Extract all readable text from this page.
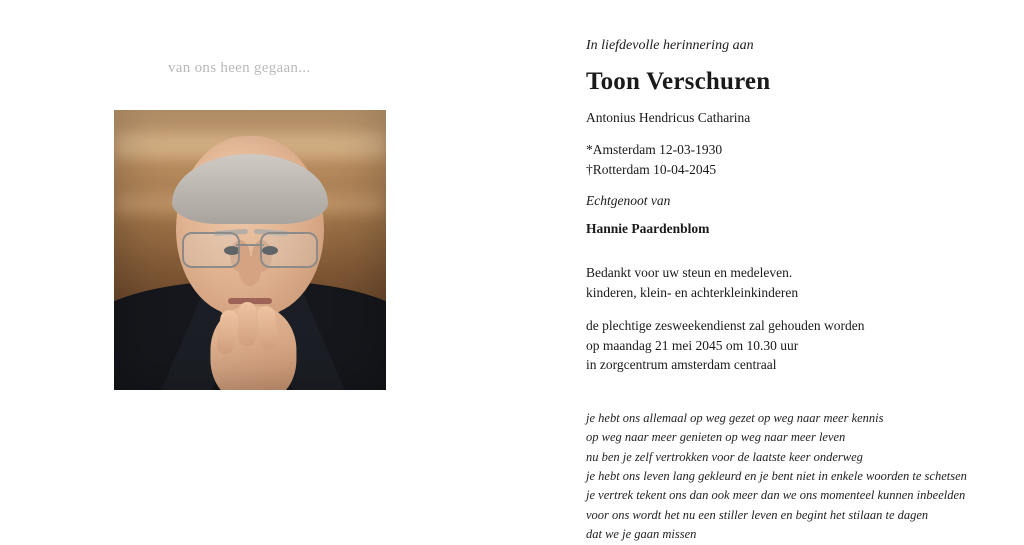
van ons heen gegaan...
In liefdevolle herinnering aan
Toon Verschuren
Antonius Hendricus Catharina
*Amsterdam 12-03-1930
†Rotterdam 10-04-2045
Echtgenoot van
Hannie Paardenblom
Bedankt voor uw steun en medeleven.
kinderen, klein- en achterkleinkinderen
de plechtige zesweekendienst zal gehouden worden
op maandag 21 mei 2045 om 10.30 uur
in zorgcentrum amsterdam centraal
je hebt ons allemaal op weg gezet op weg naar meer kennis
op weg naar meer genieten op weg naar meer leven
nu ben je zelf vertrokken voor de laatste keer onderweg
je hebt ons leven lang gekleurd en je bent niet in enkele woorden te schetsen
je vertrek tekent ons dan ook meer dan we ons momenteel kunnen inbeelden
voor ons wordt het nu een stiller leven en begint het stilaan te dagen
dat we je gaan missen
